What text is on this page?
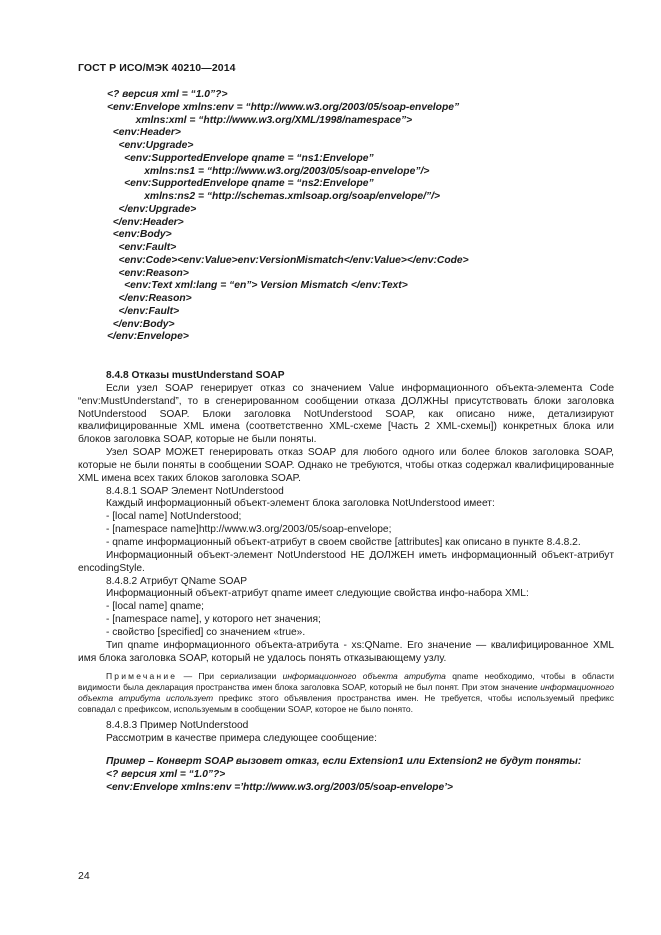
ГОСТ Р ИСО/МЭК 40210—2014
<? версия xml = “1.0”?>
<env:Envelope xmlns:env = “http://www.w3.org/2003/05/soap-envelope”
xmlns:xml = “http://www.w3.org/XML/1998/namespace”>
<env:Header>
<env:Upgrade>
<env:SupportedEnvelope qname = “ns1:Envelope”
xmlns:ns1 = “http://www.w3.org/2003/05/soap-envelope”/>
<env:SupportedEnvelope qname = “ns2:Envelope”
xmlns:ns2 = “http://schemas.xmlsoap.org/soap/envelope/”/>
</env:Upgrade>
</env:Header>
<env:Body>
<env:Fault>
<env:Code><env:Value>env:VersionMismatch</env:Value></env:Code>
<env:Reason>
<env:Text xml:lang = “en”> Version Mismatch </env:Text>
</env:Reason>
</env:Fault>
</env:Body>
</env:Envelope>

8.4.8 Отказы mustUnderstand SOAP

Если узел SOAP генерирует отказ со значением Value информационного объекта-элемента Code “env:MustUnderstand”, то в сгенерированном сообщении отказа ДОЛЖНЫ присутствовать блоки заголовка NotUnderstood SOAP. Блоки заголовка NotUnderstood SOAP, как описано ниже, детализируют квалифицированные XML имена (соответственно XML-схеме [Часть 2 XML-схемы]) конкретных блока или блоков заголовка SOAP, которые не были поняты.

Узел SOAP МОЖЕТ генерировать отказ SOAP для любого одного или более блоков заголовка SOAP, которые не были поняты в сообщении SOAP. Однако не требуются, чтобы отказ содержал квалифицированные XML имена всех таких блоков заголовка SOAP.

8.4.8.1 SOAP Элемент NotUnderstood

Каждый информационный объект-элемент блока заголовка NotUnderstood имеет:

- [local name] NotUnderstood;

- [namespace name]http://www.w3.org/2003/05/soap-envelope;

- qname информационный объект-атрибут в своем свойстве [attributes] как описано в пункте 8.4.8.2.

Информационный объект-элемент NotUnderstood НЕ ДОЛЖЕН иметь информационный объект-атрибут encodingStyle.

8.4.8.2 Атрибут QName SOAP

Информационный объект-атрибут qname имеет следующие свойства инфо-набора XML:

- [local name] qname;

- [namespace name], у которого нет значения;

- свойство [specified] со значением «true».

Тип qname информационного объекта-атрибута - xs:QName. Его значение — квалифицированное XML имя блока заголовка SOAP, который не удалось понять отказывающему узлу.

Примечание — При сериализации информационного объекта атрибута qname необходимо, чтобы в области видимости была декларация пространства имен блока заголовка SOAP, который не был понят. При этом значение информационного объекта атрибута использует префикс этого объявления пространства имен. Не требуется, чтобы используемый префикс совпадал с префиксом, используемым в сообщении SOAP, которое не было понято.

8.4.8.3 Пример NotUnderstood

Рассмотрим в качестве примера следующее сообщение:

Пример – Конверт SOAP вызовет отказ, если Extension1 или Extension2 не будут поняты:

<? версия xml = “1.0”?>

<env:Envelope xmlns:env =’http://www.w3.org/2003/05/soap-envelope’>

24
